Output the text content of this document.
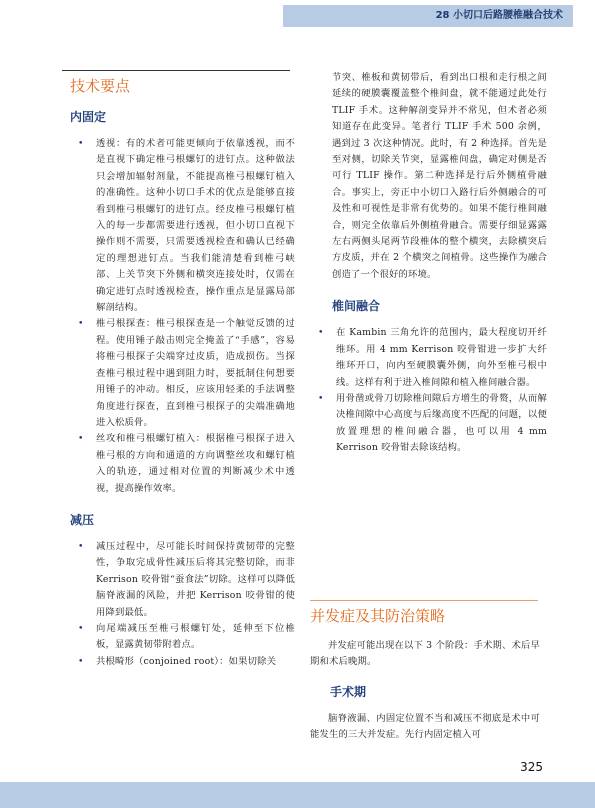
28 小切口后路腰椎融合技术
技术要点
内固定
• 透视：有的术者可能更倾向于依靠透视，而不是直视下确定椎弓根螺钉的进钉点。这种做法只会增加辐射剂量，不能提高椎弓根螺钉植入的准确性。这种小切口手术的优点是能够直接看到椎弓根螺钉的进钉点。经皮椎弓根螺钉植入的每一步都需要进行透视，但小切口直视下操作则不需要，只需要透视检查和确认已经确定的理想进钉点。当我们能清楚看到椎弓峡部、上关节突下外侧和横突连接处时，仅需在确定进钉点时透视检查，操作重点是显露局部解剖结构。
• 椎弓根探查：椎弓根探查是一个触觉反馈的过程。使用锤子敲击则完全掩盖了“手感”，容易将椎弓根探子尖端穿过皮质，造成损伤。当探查椎弓根过程中遇到阻力时，要抵制住何想要用锤子的冲动。相反，应该用轻柔的手法调整角度进行探查，直到椎弓根探子的尖端准确地进入松质骨。
• 丝攻和椎弓根螺钉植入：根据椎弓根探子进入椎弓根的方向和通道的方向调整丝攻和螺钉植入的轨迹，通过相对位置的判断减少术中透视，提高操作效率。
减压
• 减压过程中，尽可能长时间保持黄韧带的完整性，争取完成骨性减压后将其完整切除，而非 Kerrison 咬骨钳“蚕食法”切除。这样可以降低脑脊液漏的风险，并把 Kerrison 咬骨钳的使用降到最低。
• 向尾端减压至椎弓根螺钉处，延伸至下位椎板，显露黄韧带附着点。
• 共根畸形（conjoined root）：如果切除关

节突、椎板和黄韧带后，看到出口根和走行根之间延续的硬膜囊覆盖整个椎间盘，就不能通过此处行 TLIF 手术。这种解剖变异并不常见，但术者必须知道存在此变异。笔者行 TLIF 手术 500 余例，遇到过 3 次这种情况。此时，有 2 种选择。首先是至对侧，切除关节突，显露椎间盘，确定对侧是否可行 TLIF 操作。第二种选择是行后外侧植骨融合。事实上，旁正中小切口入路行后外侧融合的可及性和可视性是非常有优势的。如果不能行椎间融合，则完全依靠后外侧植骨融合。需要仔细显露露左右两侧头尾两节段椎体的整个横突，去除横突后方皮质，并在 2 个横突之间植骨。这些操作为融合创造了一个很好的环境。

椎间融合
• 在 Kambin 三角允许的范围内，最大程度切开纤维环。用 4 mm Kerrison 咬骨钳进一步扩大纤维环开口，向内至硬膜囊外侧，向外至椎弓根中线。这样有利于进入椎间隙和植入椎间融合器。
• 用骨凿或骨刀切除椎间隙后方增生的骨赘，从而解决椎间隙中心高度与后缘高度不匹配的问题，以便放置理想的椎间融合器，也可以用 4 mm Kerrison 咬骨钳去除该结构。
并发症及其防治策略

并发症可能出现在以下 3 个阶段：手术期、术后早期和术后晚期。

手术期

脑脊液漏、内固定位置不当和减压不彻底是术中可能发生的三大并发症。先行内固定植入可

325
